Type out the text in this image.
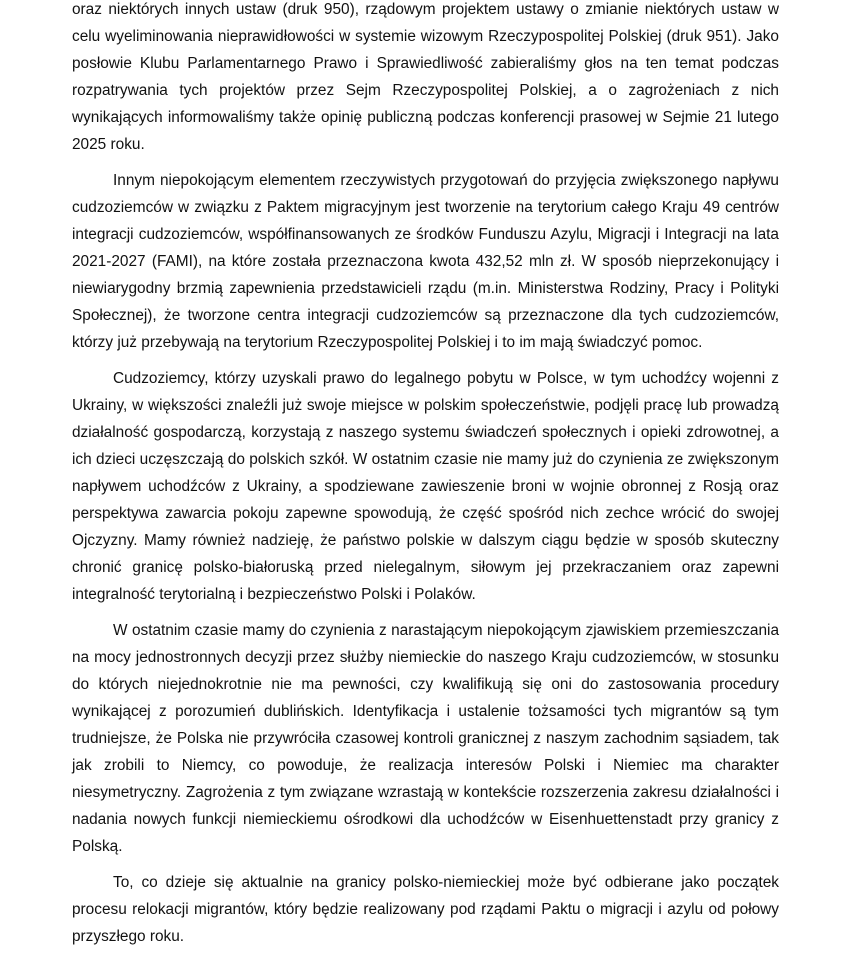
oraz niektórych innych ustaw (druk 950), rządowym projektem ustawy o zmianie niektórych ustaw w celu wyeliminowania nieprawidłowości w systemie wizowym Rzeczypospolitej Polskiej (druk 951). Jako posłowie Klubu Parlamentarnego Prawo i Sprawiedliwość zabieraliśmy głos na ten temat podczas rozpatrywania tych projektów przez Sejm Rzeczypospolitej Polskiej, a o zagrożeniach z nich wynikających informowaliśmy także opinię publiczną podczas konferencji prasowej w Sejmie 21 lutego 2025 roku.

Innym niepokojącym elementem rzeczywistych przygotowań do przyjęcia zwiększonego napływu cudzoziemców w związku z Paktem migracyjnym jest tworzenie na terytorium całego Kraju 49 centrów integracji cudzoziemców, współfinansowanych ze środków Funduszu Azylu, Migracji i Integracji na lata 2021-2027 (FAMI), na które została przeznaczona kwota 432,52 mln zł. W sposób nieprzekonujący i niewiarygodny brzmią zapewnienia przedstawicieli rządu (m.in. Ministerstwa Rodziny, Pracy i Polityki Społecznej), że tworzone centra integracji cudzoziemców są przeznaczone dla tych cudzoziemców, którzy już przebywają na terytorium Rzeczypospolitej Polskiej i to im mają świadczyć pomoc.

Cudzoziemcy, którzy uzyskali prawo do legalnego pobytu w Polsce, w tym uchodźcy wojenni z Ukrainy, w większości znaleźli już swoje miejsce w polskim społeczeństwie, podjęli pracę lub prowadzą działalność gospodarczą, korzystają z naszego systemu świadczeń społecznych i opieki zdrowotnej, a ich dzieci uczęszczają do polskich szkół. W ostatnim czasie nie mamy już do czynienia ze zwiększonym napływem uchodźców z Ukrainy, a spodziewane zawieszenie broni w wojnie obronnej z Rosją oraz perspektywa zawarcia pokoju zapewne spowodują, że część spośród nich zechce wrócić do swojej Ojczyzny. Mamy również nadzieję, że państwo polskie w dalszym ciągu będzie w sposób skuteczny chronić granicę polsko-białoruską przed nielegalnym, siłowym jej przekraczaniem oraz zapewni integralność terytorialną i bezpieczeństwo Polski i Polaków.

W ostatnim czasie mamy do czynienia z narastającym niepokojącym zjawiskiem przemieszczania na mocy jednostronnych decyzji przez służby niemieckie do naszego Kraju cudzoziemców, w stosunku do których niejednokrotnie nie ma pewności, czy kwalifikują się oni do zastosowania procedury wynikającej z porozumień dublińskich. Identyfikacja i ustalenie tożsamości tych migrantów są tym trudniejsze, że Polska nie przywróciła czasowej kontroli granicznej z naszym zachodnim sąsiadem, tak jak zrobili to Niemcy, co powoduje, że realizacja interesów Polski i Niemiec ma charakter niesymetryczny. Zagrożenia z tym związane wzrastają w kontekście rozszerzenia zakresu działalności i nadania nowych funkcji niemieckiemu ośrodkowi dla uchodźców w Eisenhuettenstadt przy granicy z Polską.

To, co dzieje się aktualnie na granicy polsko-niemieckiej może być odbierane jako początek procesu relokacji migrantów, który będzie realizowany pod rządami Paktu o migracji i azylu od połowy przyszłego roku.
